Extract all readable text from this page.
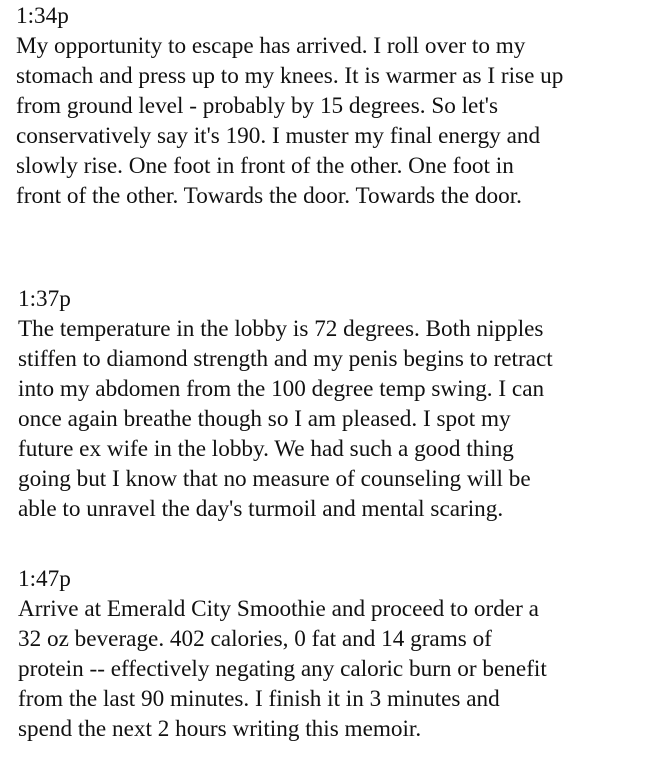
1:34p
My opportunity to escape has arrived. I roll over to my
stomach and press up to my knees. It is warmer as I rise up
from ground level - probably by 15 degrees. So let's
conservatively say it's 190. I muster my final energy and
slowly rise. One foot in front of the other. One foot in
front of the other. Towards the door. Towards the door.
1:37p
The temperature in the lobby is 72 degrees. Both nipples
stiffen to diamond strength and my penis begins to retract
into my abdomen from the 100 degree temp swing. I can
once again breathe though so I am pleased. I spot my
future ex wife in the lobby. We had such a good thing
going but I know that no measure of counseling will be
able to unravel the day's turmoil and mental scaring.
1:47p
Arrive at Emerald City Smoothie and proceed to order a
32 oz beverage. 402 calories, 0 fat and 14 grams of
protein -- effectively negating any caloric burn or benefit
from the last 90 minutes. I finish it in 3 minutes and
spend the next 2 hours writing this memoir.
